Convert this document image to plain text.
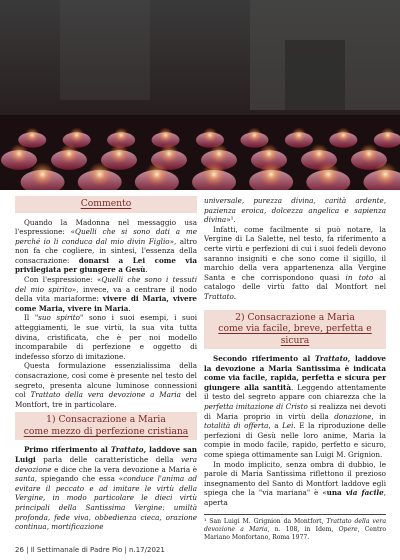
Commento

Quando la Madonna nel messaggio usa l'espressione: «Quelli che si sono dati a me perché io li conduca dal mio divin Figlio», altro non fa che cogliere, in sintesi, l'essenza della consacrazione: donarsi a Lei come via privilegiata per giungere a Gesù.

Con l'espressione: «Quelli che sono i tessuti del mio spirito», invece, va a centrare il nodo della vita mariaforme: vivere di Maria, vivere come Maria, vivere in Maria.

Il "suo spirito" sono i suoi esempi, i suoi atteggiamenti, le sue virtù, la sua vita tutta divina, cristificata, che è per noi modello incomparabile di perfezione e oggetto di indefesso sforzo di imitazione.

Questa formulazione essenzialissima della consacrazione, così come è presente nel testo del segreto, presenta alcune luminose connessioni col Trattato della vera devozione a Maria del Montfort, tre in particolare.

1) Consacrazione a Maria
come mezzo di perfezione cristiana

Primo riferimento al Trattato, laddove san Luigi parla delle caratteristiche della vera devozione e dice che la vera devozione a Maria è santa, spiegando che essa «conduce l'anima ad evitare il peccato e ad imitare le virtù della Vergine, in modo particolare le dieci virtù principali della Santissima Vergine: umiltà profonda, fede viva, obbedienza cieca, orazione continua, mortificazione

universale, purezza divina, carità ardente, pazienza eroica, dolcezza angelica e sapienza divina»¹.

Infatti, come facilmente si può notare, la Vergine di La Salette, nel testo, fa riferimento a certe virtù e perfezioni di cui i suoi fedeli devono saranno insigniti e che sono come il sigillo, il marchio della vera appartenenza alla Vergine Santa e che corrispondono quasi in toto al catalogo delle virtù fatto dal Montfort nel Trattato.

2) Consacrazione a Maria
come via facile, breve, perfetta e sicura

Secondo riferimento al Trattato, laddove la devozione a Maria Santissima è indicata come via facile, rapida, perfetta e sicura per giungere alla santità. Leggendo attentamente il testo del segreto appare con chiarezza che la perfetta imitazione di Cristo si realizza nei devoti di Maria proprio in virtù della donazione, in totalità di offerta, a Lei. E la riproduzione delle perfezioni di Gesù nelle loro anime, Maria la compie in modo facile, rapido, perfetto e sicuro, come spiega ottimamente san Luigi M. Grignion.

In modo implicito, senza ombra di dubbio, le parole di Maria Santissima riflettono il prezioso insegnamento del Santo di Montfort laddove egli spiega che la "via mariana" è «una via facile, aperta

¹ San Luigi M. Grignion da Montfort, Trattato della vera devozione a Maria, n. 108, in Idem, Opere, Centro Mariano Monfortano, Roma 1977.
26 | Il Settimanale di Padre Pio | n.17/2021
